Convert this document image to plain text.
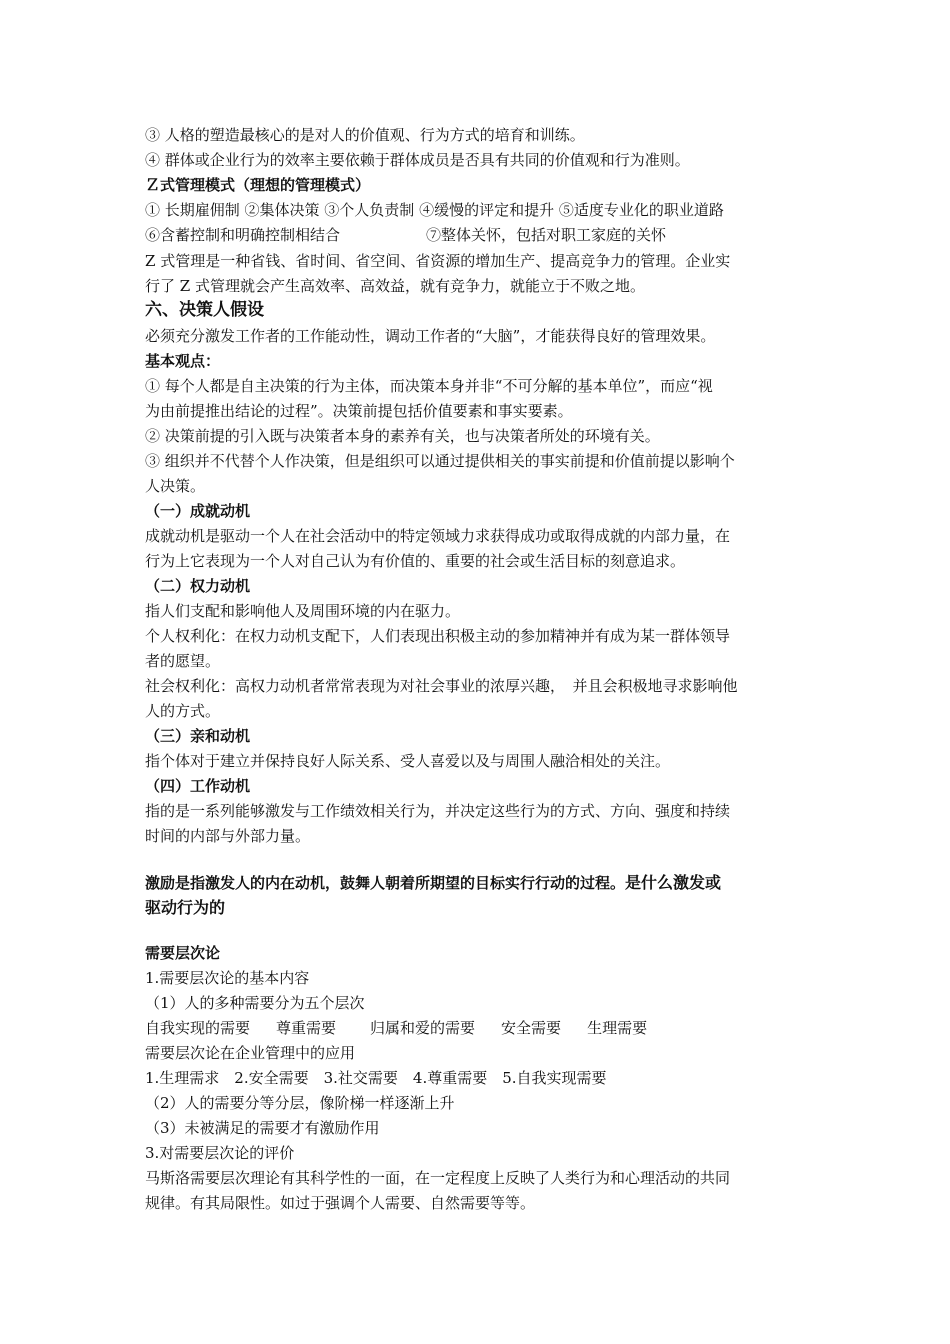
③ 人格的塑造最核心的是对人的价值观、行为方式的培育和训练。
④ 群体或企业行为的效率主要依赖于群体成员是否具有共同的价值观和行为准则。
Ｚ式管理模式（理想的管理模式）
① 长期雇佣制 ②集体决策 ③个人负责制 ④缓慢的评定和提升 ⑤适度专业化的职业道路
⑥含蓄控制和明确控制相结合	⑦整体关怀，包括对职工家庭的关怀
Z 式管理是一种省钱、省时间、省空间、省资源的增加生产、提高竞争力的管理。企业实
行了 Z 式管理就会产生高效率、高效益，就有竞争力，就能立于不败之地。
六、决策人假设
必须充分激发工作者的工作能动性，调动工作者的“大脑”，才能获得良好的管理效果。
基本观点：
① 每个人都是自主决策的行为主体，而决策本身并非“不可分解的基本单位”，而应“视
为由前提推出结论的过程”。决策前提包括价值要素和事实要素。
② 决策前提的引入既与决策者本身的素养有关，也与决策者所处的环境有关。
③ 组织并不代替个人作决策，但是组织可以通过提供相关的事实前提和价值前提以影响个
人决策。
（一）成就动机
成就动机是驱动一个人在社会活动中的特定领域力求获得成功或取得成就的内部力量，在
行为上它表现为一个人对自己认为有价值的、重要的社会或生活目标的刻意追求。
（二）权力动机
指人们支配和影响他人及周围环境的内在驱力。
个人权利化：在权力动机支配下，人们表现出积极主动的参加精神并有成为某一群体领导
者的愿望。
社会权利化：高权力动机者常常表现为对社会事业的浓厚兴趣，　并且会积极地寻求影响他
人的方式。
（三）亲和动机
指个体对于建立并保持良好人际关系、受人喜爱以及与周围人融洽相处的关注。
（四）工作动机
指的是一系列能够激发与工作绩效相关行为，并决定这些行为的方式、方向、强度和持续
时间的内部与外部力量。
激励是指激发人的内在动机，鼓舞人朝着所期望的目标实行行动的过程。是什么激发或
驱动行为的
需要层次论
1.需要层次论的基本内容
（1）人的多种需要分为五个层次
自我实现的需要 尊重需要 归属和爱的需要 安全需要 生理需要
需要层次论在企业管理中的应用
1.生理需求　2.安全需要　3.社交需要　4.尊重需要　5.自我实现需要
（2）人的需要分等分层，像阶梯一样逐渐上升
（3）未被满足的需要才有激励作用
3.对需要层次论的评价
马斯洛需要层次理论有其科学性的一面，在一定程度上反映了人类行为和心理活动的共同
规律。有其局限性。如过于强调个人需要、自然需要等等。
